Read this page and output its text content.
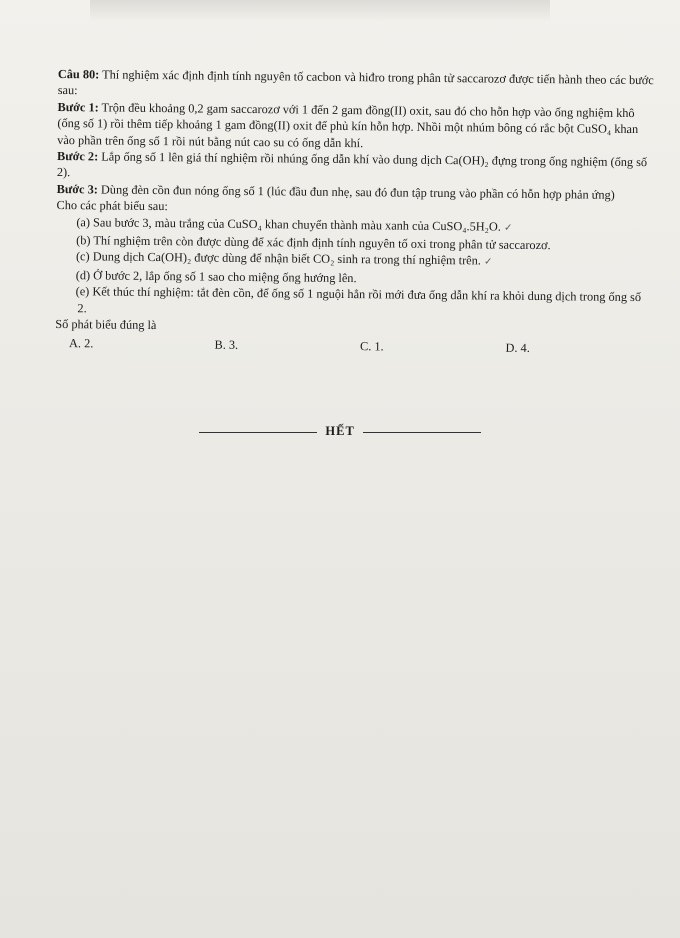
Câu 80: Thí nghiệm xác định định tính nguyên tố cacbon và hiđro trong phân tử saccarozơ được tiến hành theo các bước sau:

Bước 1: Trộn đều khoảng 0,2 gam saccarozơ với 1 đến 2 gam đồng(II) oxit, sau đó cho hỗn hợp vào ống nghiệm khô (ống số 1) rồi thêm tiếp khoảng 1 gam đồng(II) oxit để phủ kín hỗn hợp. Nhồi một nhúm bông có rắc bột CuSO₄ khan vào phần trên ống số 1 rồi nút bằng nút cao su có ống dẫn khí.

Bước 2: Lắp ống số 1 lên giá thí nghiệm rồi nhúng ống dẫn khí vào dung dịch Ca(OH)₂ đựng trong ống nghiệm (ống số 2).

Bước 3: Dùng đèn cồn đun nóng ống số 1 (lúc đầu đun nhẹ, sau đó đun tập trung vào phần có hỗn hợp phản ứng)

Cho các phát biểu sau:

(a) Sau bước 3, màu trắng của CuSO₄ khan chuyển thành màu xanh của CuSO₄.5H₂O. ✓

(b) Thí nghiệm trên còn được dùng để xác định định tính nguyên tố oxi trong phân tử saccarozơ.

(c) Dung dịch Ca(OH)₂ được dùng để nhận biết CO₂ sinh ra trong thí nghiệm trên. ✓

(d) Ở bước 2, lắp ống số 1 sao cho miệng ống hướng lên.

(e) Kết thúc thí nghiệm: tắt đèn cồn, để ống số 1 nguội hẳn rồi mới đưa ống dẫn khí ra khỏi dung dịch trong ống số 2.

Số phát biểu đúng là

A. 2.	B. 3.	C. 1.	D. 4.
HẾT
